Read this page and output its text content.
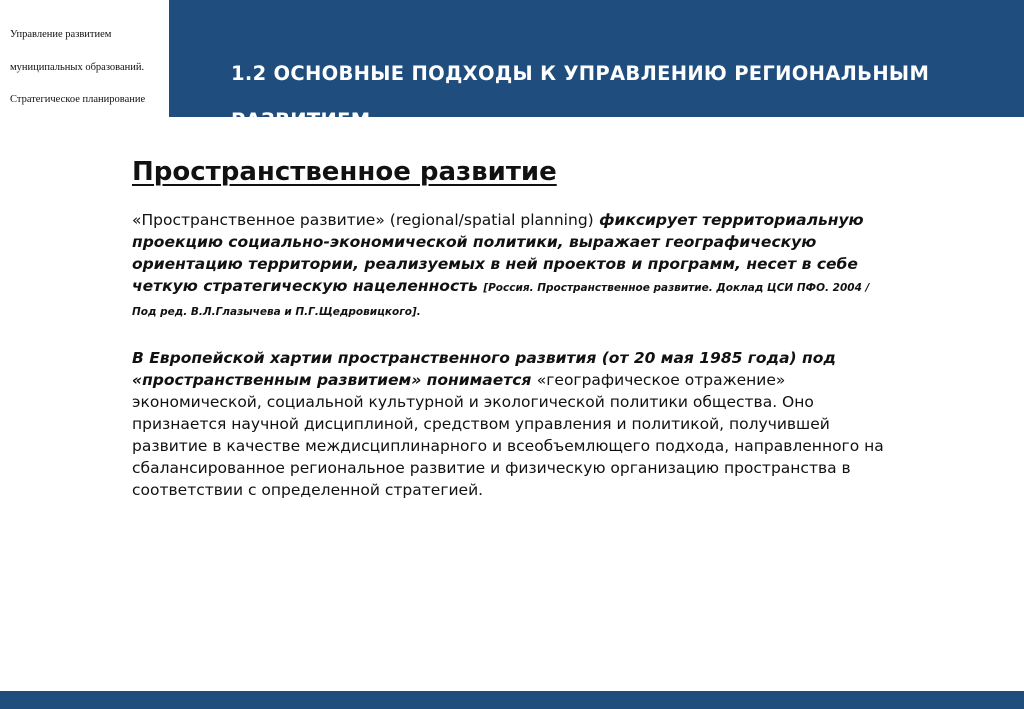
Управление развитием
муниципальных образований.
Стратегическое планирование
1.2 ОСНОВНЫЕ ПОДХОДЫ К УПРАВЛЕНИЮ РЕГИОНАЛЬНЫМ РАЗВИТИЕМ
Пространственное развитие

«Пространственное развитие» (regional/spatial planning) фиксирует территориальную проекцию социально-экономической политики, выражает географическую ориентацию территории, реализуемых в ней проектов и программ, несет в себе четкую стратегическую нацеленность [Россия. Пространственное развитие. Доклад ЦСИ ПФО. 2004 / Под ред. В.Л.Глазычева и П.Г.Щедровицкого].

В Европейской хартии пространственного развития (от 20 мая 1985 года) под «пространственным развитием» понимается «географическое отражение» экономической, социальной культурной и экологической политики общества. Оно признается научной дисциплиной, средством управления и политикой, получившей развитие в качестве междисциплинарного и всеобъемлющего подхода, направленного на сбалансированное региональное развитие и физическую организацию пространства в соответствии с определенной стратегией.
